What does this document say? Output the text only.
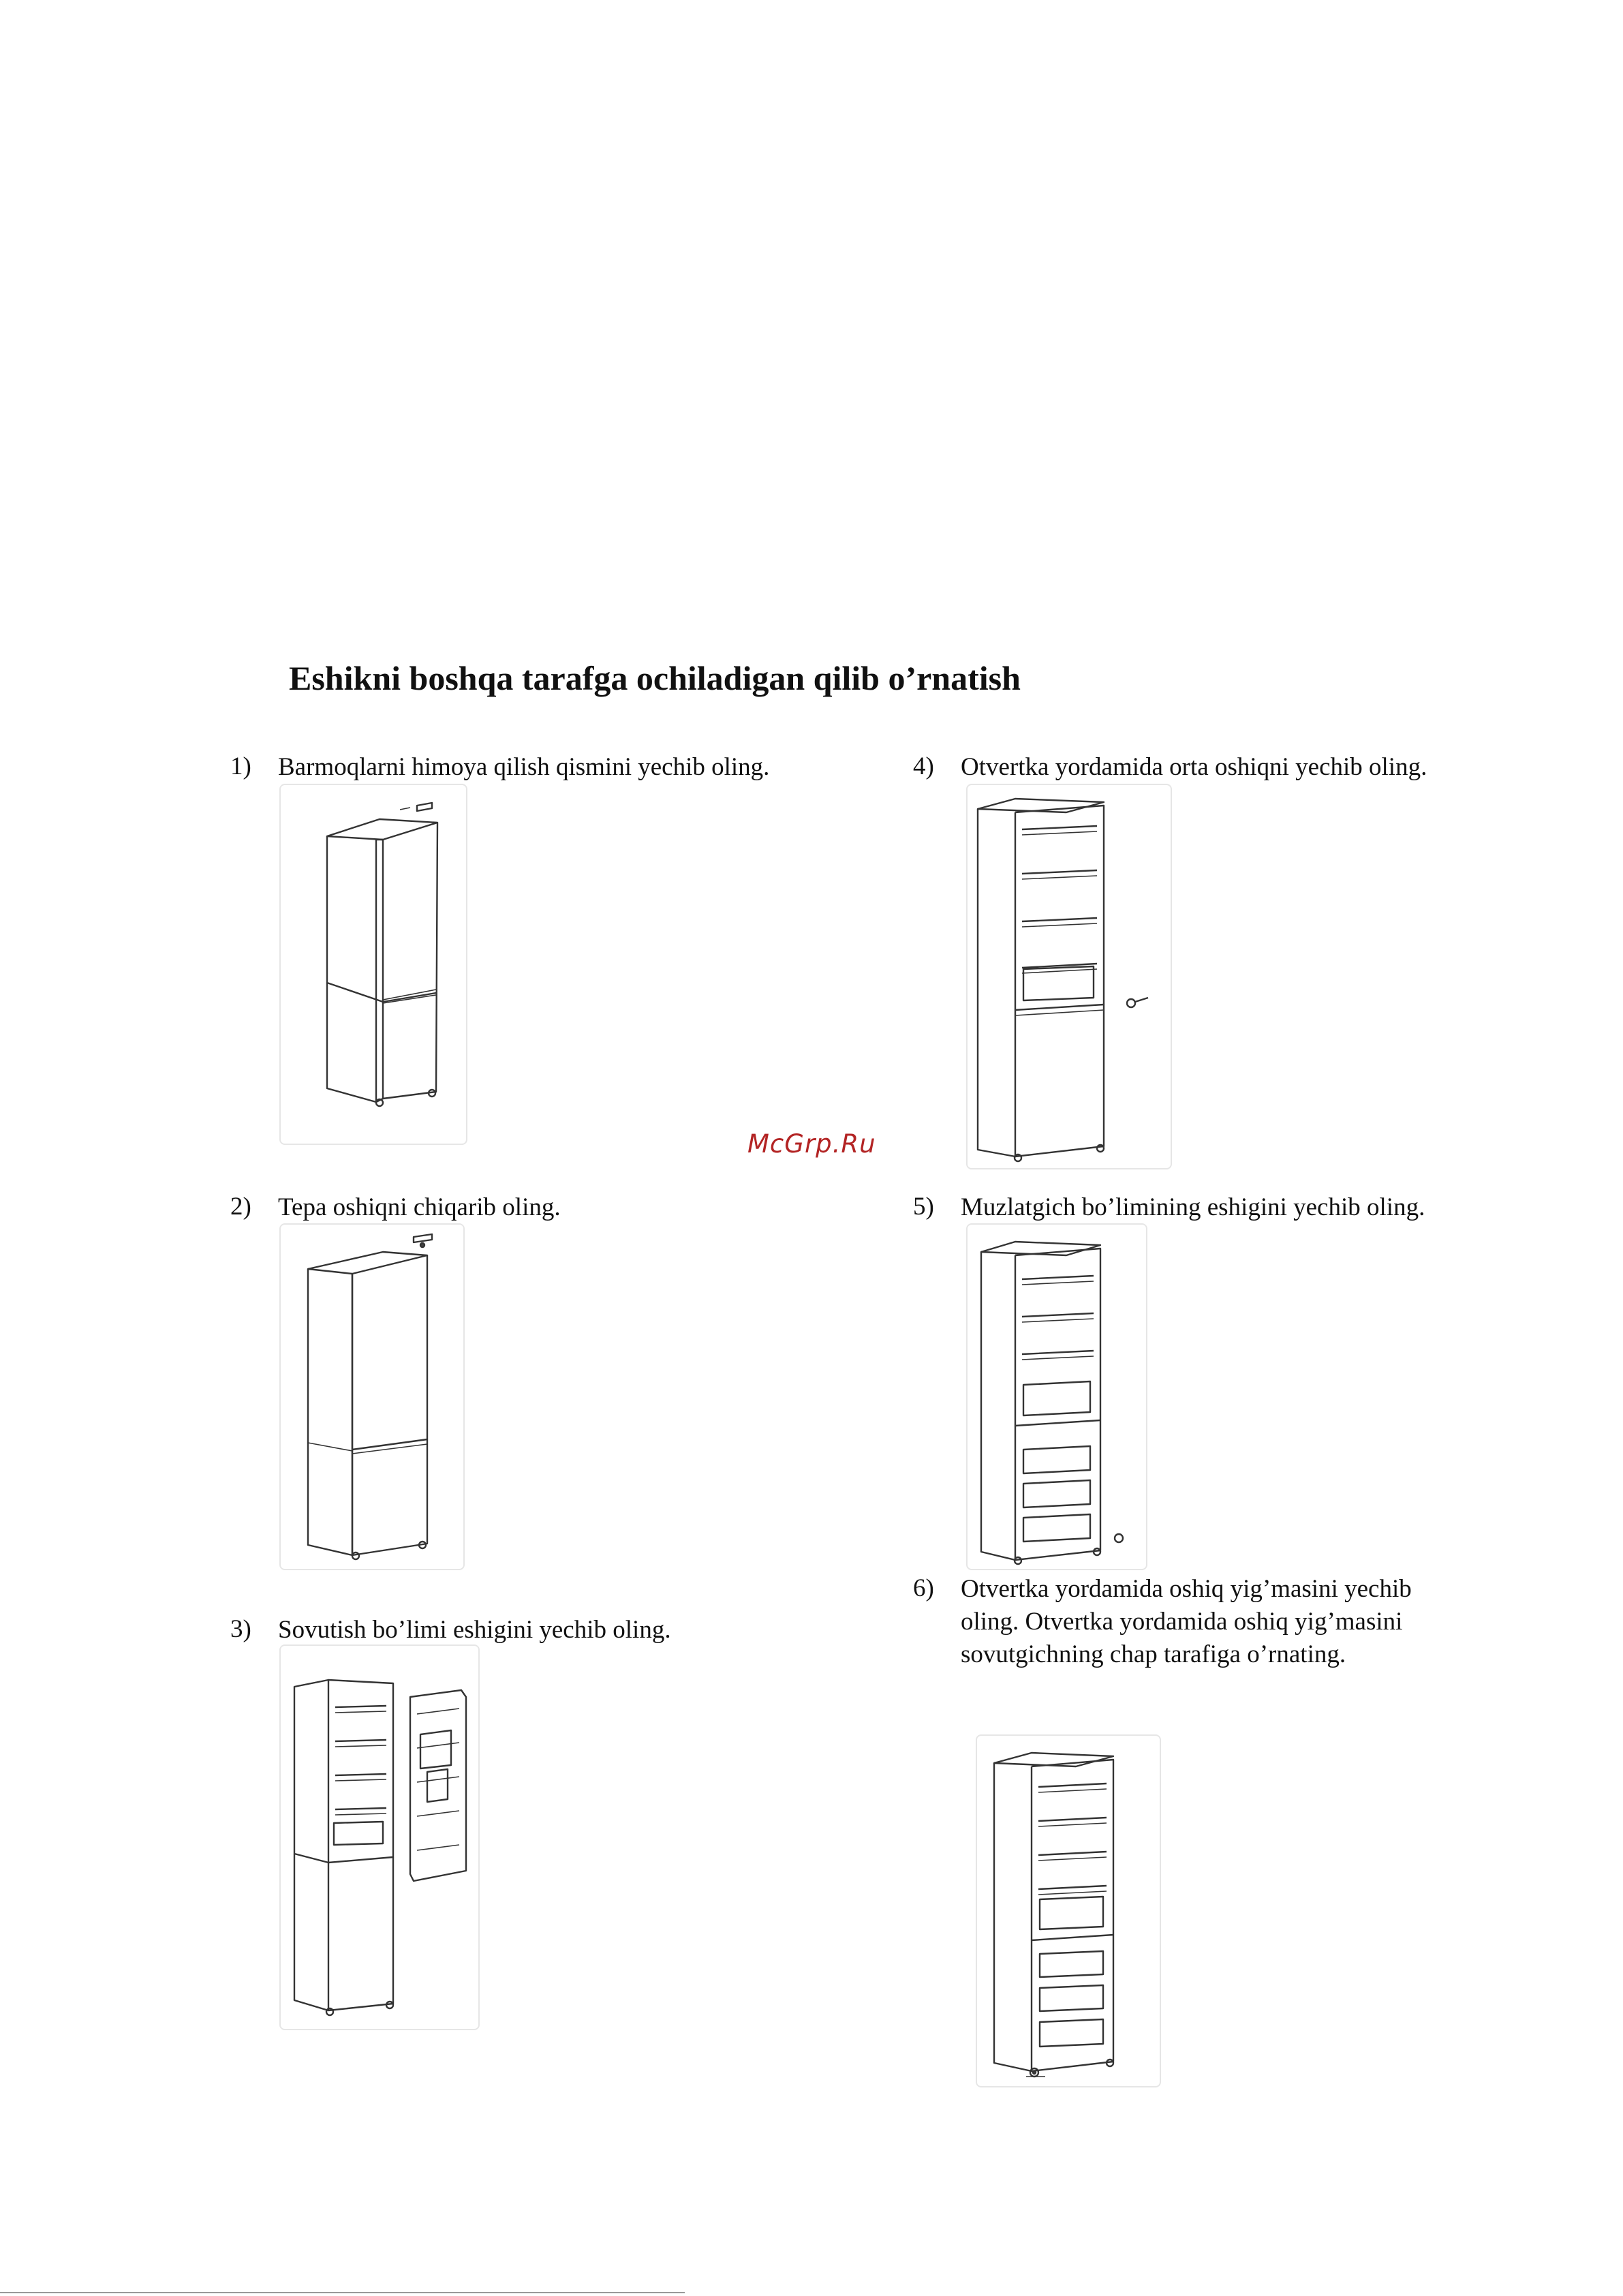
Eshikni boshqa tarafga ochiladigan qilib o’rnatish
1) Barmoqlarni himoya qilish qismini yechib oling.
2) Tepa oshiqni chiqarib oling.
3) Sovutish bo’limi eshigini yechib oling.
4) Otvertka yordamida orta oshiqni yechib oling.
5) Muzlatgich bo’limining eshigini yechib oling.
6) Otvertka yordamida oshiq yig’masini yechib
oling. Otvertka yordamida oshiq yig’masini
sovutgichning chap tarafiga o’rnating.
McGrp.Ru
